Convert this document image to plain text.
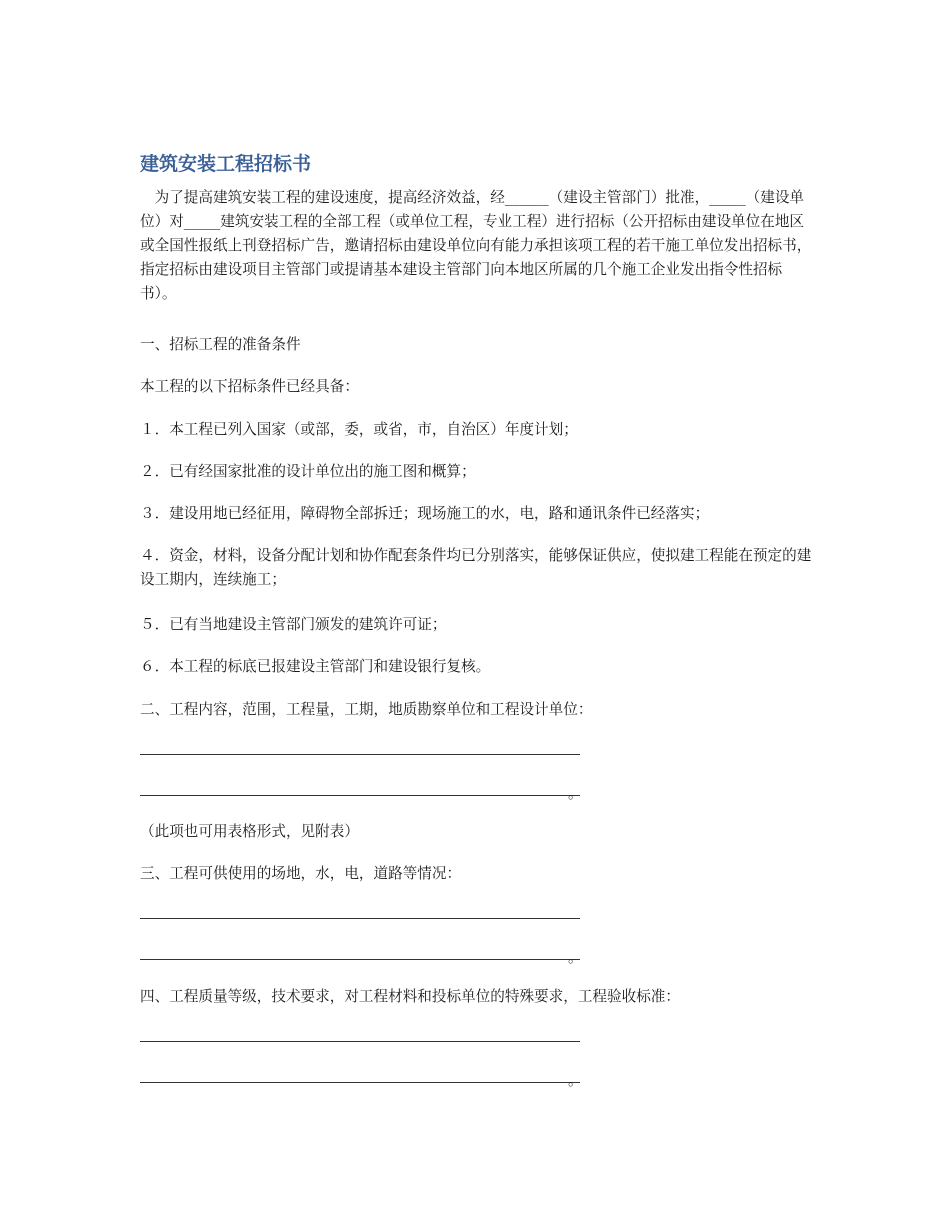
建筑安装工程招标书

为了提高建筑安装工程的建设速度，提高经济效益，经______（建设主管部门）批准，_____（建设单位）对_____建筑安装工程的全部工程（或单位工程，专业工程）进行招标（公开招标由建设单位在地区或全国性报纸上刊登招标广告，邀请招标由建设单位向有能力承担该项工程的若干施工单位发出招标书，指定招标由建设项目主管部门或提请基本建设主管部门向本地区所属的几个施工企业发出指令性招标书）。

一、招标工程的准备条件

本工程的以下招标条件已经具备：

１．本工程已列入国家（或部，委，或省，市，自治区）年度计划；

２．已有经国家批准的设计单位出的施工图和概算；

３．建设用地已经征用，障碍物全部拆迁；现场施工的水，电，路和通讯条件已经落实；

４．资金，材料，设备分配计划和协作配套条件均已分别落实，能够保证供应，使拟建工程能在预定的建设工期内，连续施工；

５．已有当地建设主管部门颁发的建筑许可证；

６．本工程的标底已报建设主管部门和建设银行复核。

二、工程内容，范围，工程量，工期，地质勘察单位和工程设计单位：

。

（此项也可用表格形式，见附表）

三、工程可供使用的场地，水，电，道路等情况：

。

四、工程质量等级，技术要求，对工程材料和投标单位的特殊要求，工程验收标准：

。
